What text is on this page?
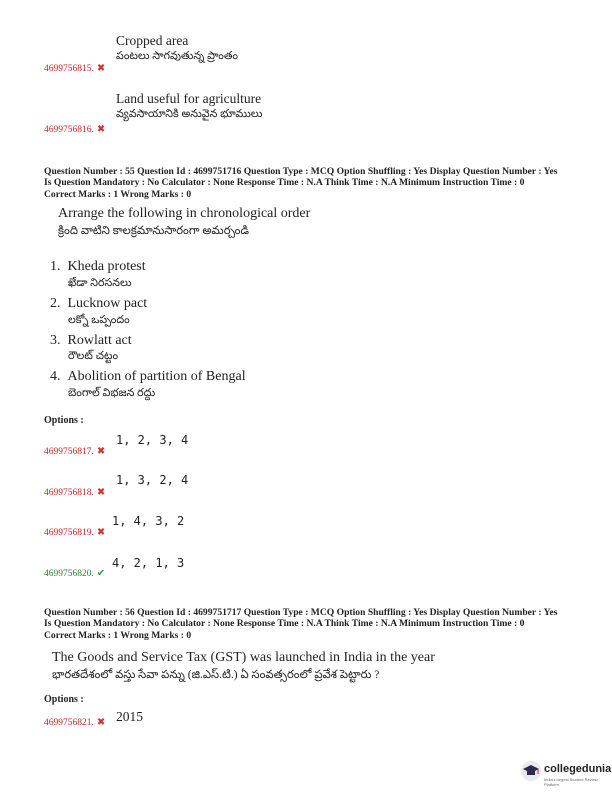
Cropped area
పంటలు సాగవుతున్న ప్రాంతం
4699756815. ✖
Land useful for agriculture
వ్యవసాయానికి అనువైన భూములు
4699756816. ✖
Question Number : 55 Question Id : 4699751716 Question Type : MCQ Option Shuffling : Yes Display Question Number : Yes
Is Question Mandatory : No Calculator : None Response Time : N.A Think Time : N.A Minimum Instruction Time : 0
Correct Marks : 1 Wrong Marks : 0
Arrange the following in chronological order
క్రింది వాటిని కాలక్రమానుసారంగా అమర్చండి
1. Kheda protest
ఖేడా నిరసనలు
2. Lucknow pact
లక్నో ఒప్పందం
3. Rowlatt act
రౌలట్ చట్టం
4. Abolition of partition of Bengal
బెంగాల్ విభజన రద్దు
Options :
1, 2, 3, 4
4699756817. ✖
1, 3, 2, 4
4699756818. ✖
1, 4, 3, 2
4699756819. ✖
4, 2, 1, 3
4699756820. ✔
Question Number : 56 Question Id : 4699751717 Question Type : MCQ Option Shuffling : Yes Display Question Number : Yes
Is Question Mandatory : No Calculator : None Response Time : N.A Think Time : N.A Minimum Instruction Time : 0
Correct Marks : 1 Wrong Marks : 0
The Goods and Service Tax (GST) was launched in India in the year
భారతదేశంలో వస్తు సేవా పన్ను (జి.ఎస్.టి.) ఏ సంవత్సరంలో ప్రవేశ పెట్టారు ?
Options :
2015
4699756821. ✖
collegedunia
India's largest Student Review Platform
